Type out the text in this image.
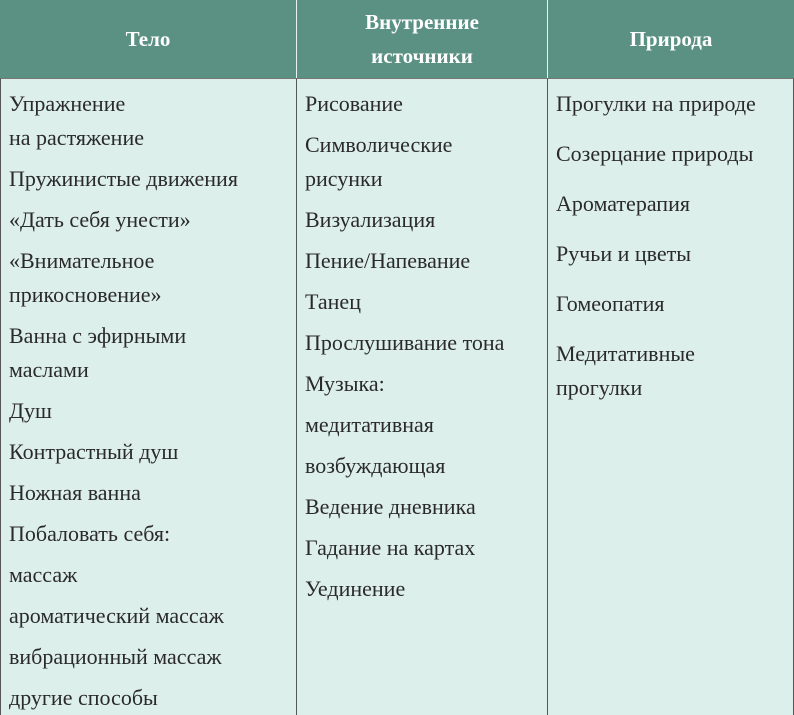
Тело
Внутренние источники
Природа
Упражнение
на растяжение
Пружинистые движения
«Дать себя унести»
«Внимательное
прикосновение»
Ванна с эфирными
маслами
Душ
Контрастный душ
Ножная ванна
Побаловать себя:
массаж
ароматический массаж
вибрационный массаж
другие способы
Рисование
Символические
рисунки
Визуализация
Пение/Напевание
Танец
Прослушивание тона
Музыка:
медитативная
возбуждающая
Ведение дневника
Гадание на картах
Уединение
Прогулки на природе
Созерцание природы
Ароматерапия
Ручьи и цветы
Гомеопатия
Медитативные
прогулки
